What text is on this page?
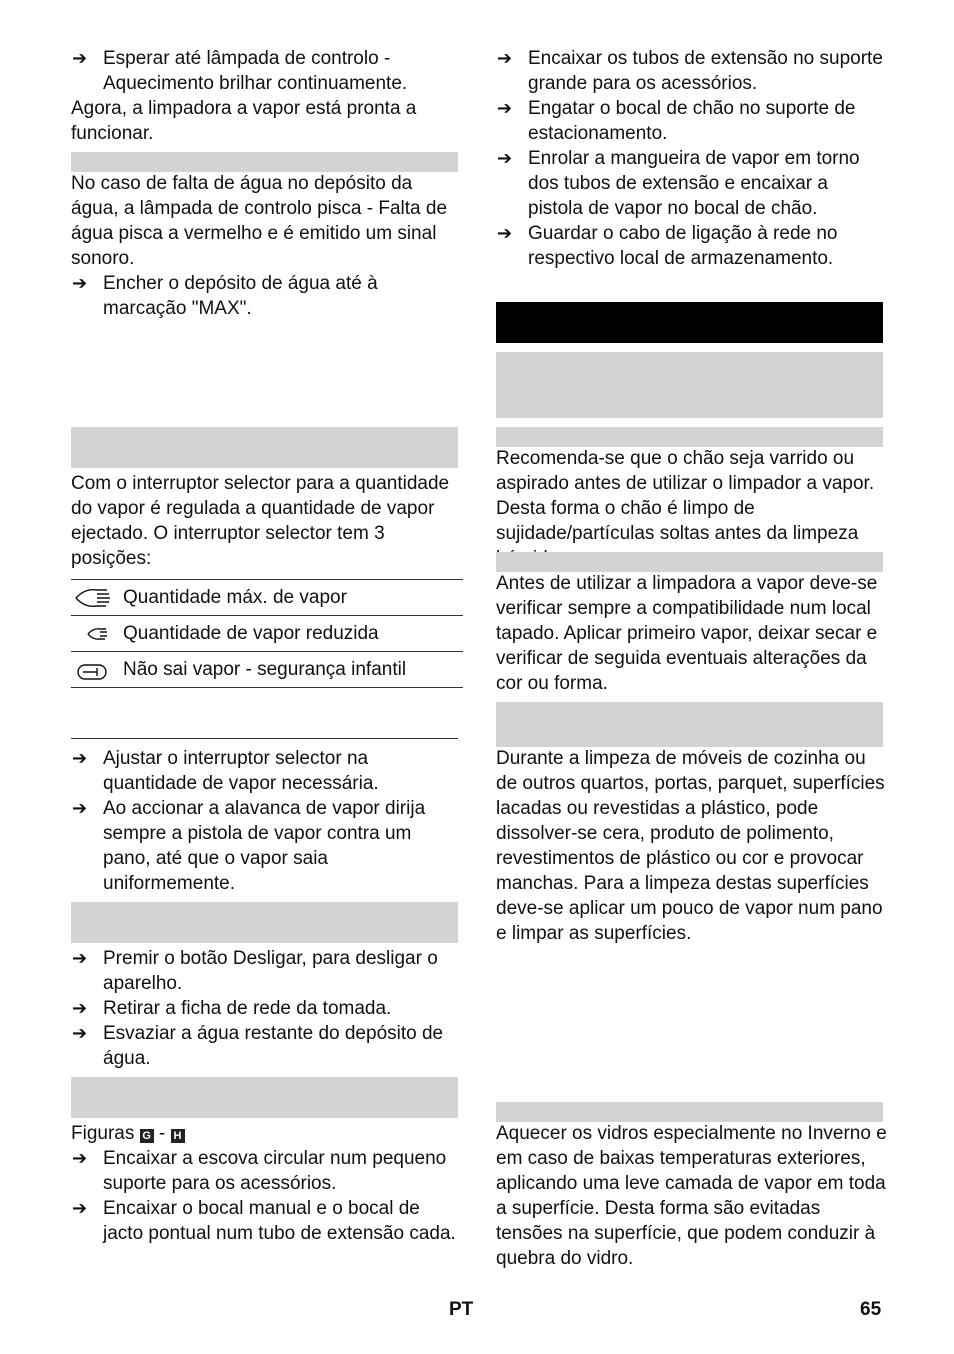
➔ Esperar até lâmpada de controlo - Aquecimento brilhar continuamente.

Agora, a limpadora a vapor está pronta a funcionar.

No caso de falta de água no depósito da água, a lâmpada de controlo pisca - Falta de água pisca a vermelho e é emitido um sinal sonoro.

➔ Encher o depósito de água até à marcação "MAX".

Com o interruptor selector para a quantidade do vapor é regulada a quantidade de vapor ejectado. O interruptor selector tem 3 posições:

Quantidade máx. de vapor
Quantidade de vapor reduzida
Não sai vapor - segurança infantil
➔ Ajustar o interruptor selector na quantidade de vapor necessária.
➔ Ao accionar a alavanca de vapor dirija sempre a pistola de vapor contra um pano, até que o vapor saia uniformemente.
➔ Premir o botão Desligar, para desligar o aparelho.
➔ Retirar a ficha de rede da tomada.
➔ Esvaziar a água restante do depósito de água.

Figuras G - H

➔ Encaixar a escova circular num pequeno suporte para os acessórios.
➔ Encaixar o bocal manual e o bocal de jacto pontual num tubo de extensão cada.
➔ Encaixar os tubos de extensão no suporte grande para os acessórios.
➔ Engatar o bocal de chão no suporte de estacionamento.
➔ Enrolar a mangueira de vapor em torno dos tubos de extensão e encaixar a pistola de vapor no bocal de chão.
➔ Guardar o cabo de ligação à rede no respectivo local de armazenamento.

Recomenda-se que o chão seja varrido ou aspirado antes de utilizar o limpador a vapor. Desta forma o chão é limpo de sujidade/partículas soltas antes da limpeza

Antes de utilizar a limpadora a vapor deve-se verificar sempre a compatibilidade num local tapado. Aplicar primeiro vapor, deixar secar e verificar de seguida eventuais alterações da cor ou forma.

Durante a limpeza de móveis de cozinha ou de outros quartos, portas, parquet, superfícies lacadas ou revestidas a plástico, pode dissolver-se cera, produto de polimento, revestimentos de plástico ou cor e provocar manchas. Para a limpeza destas superfícies deve-se aplicar um pouco de vapor num pano e limpar as superfícies.

Aquecer os vidros especialmente no Inverno e em caso de baixas temperaturas exteriores, aplicando uma leve camada de vapor em toda a superfície. Desta forma são evitadas tensões na superfície, que podem conduzir à quebra do vidro.

PT	65
